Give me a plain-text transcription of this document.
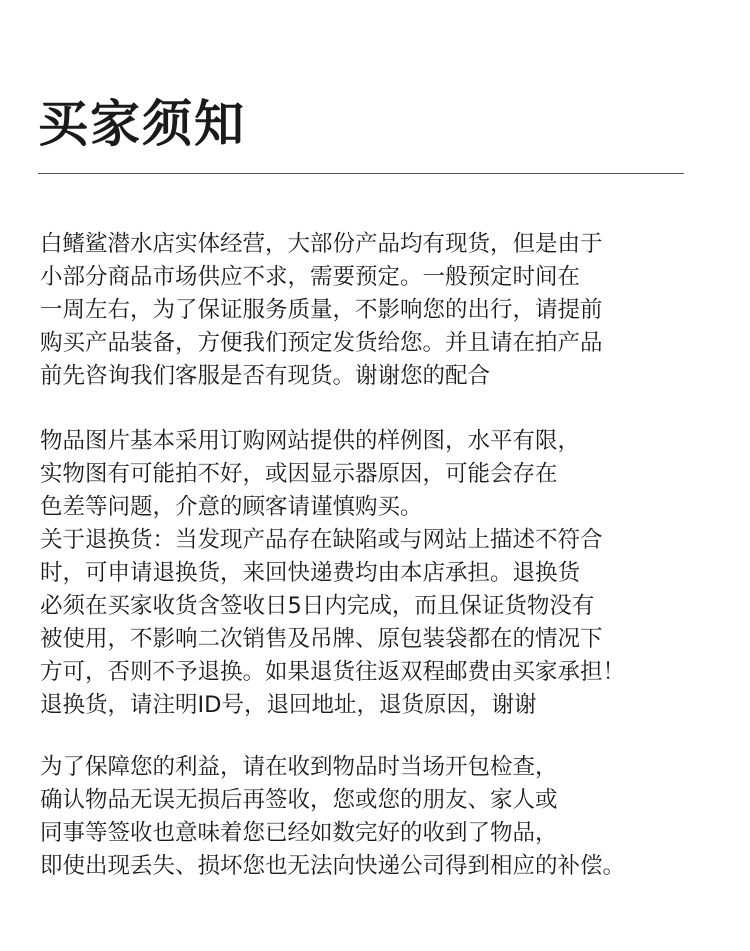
买家须知
白鳍鲨潜水店实体经营，大部份产品均有现货，但是由于
小部分商品市场供应不求，需要预定。一般预定时间在
一周左右，为了保证服务质量，不影响您的出行，请提前
购买产品装备，方便我们预定发货给您。并且请在拍产品
前先咨询我们客服是否有现货。谢谢您的配合
物品图片基本采用订购网站提供的样例图，水平有限，
实物图有可能拍不好，或因显示器原因，可能会存在
色差等问题，介意的顾客请谨慎购买。
关于退换货：当发现产品存在缺陷或与网站上描述不符合
时，可申请退换货，来回快递费均由本店承担。退换货
必须在买家收货含签收日5日内完成，而且保证货物没有
被使用，不影响二次销售及吊牌、原包装袋都在的情况下
方可，否则不予退换。如果退货往返双程邮费由买家承担！
退换货，请注明ID号，退回地址，退货原因，谢谢
为了保障您的利益，请在收到物品时当场开包检查，
确认物品无误无损后再签收，您或您的朋友、家人或
同事等签收也意味着您已经如数完好的收到了物品，
即使出现丢失、损坏您也无法向快递公司得到相应的补偿。
